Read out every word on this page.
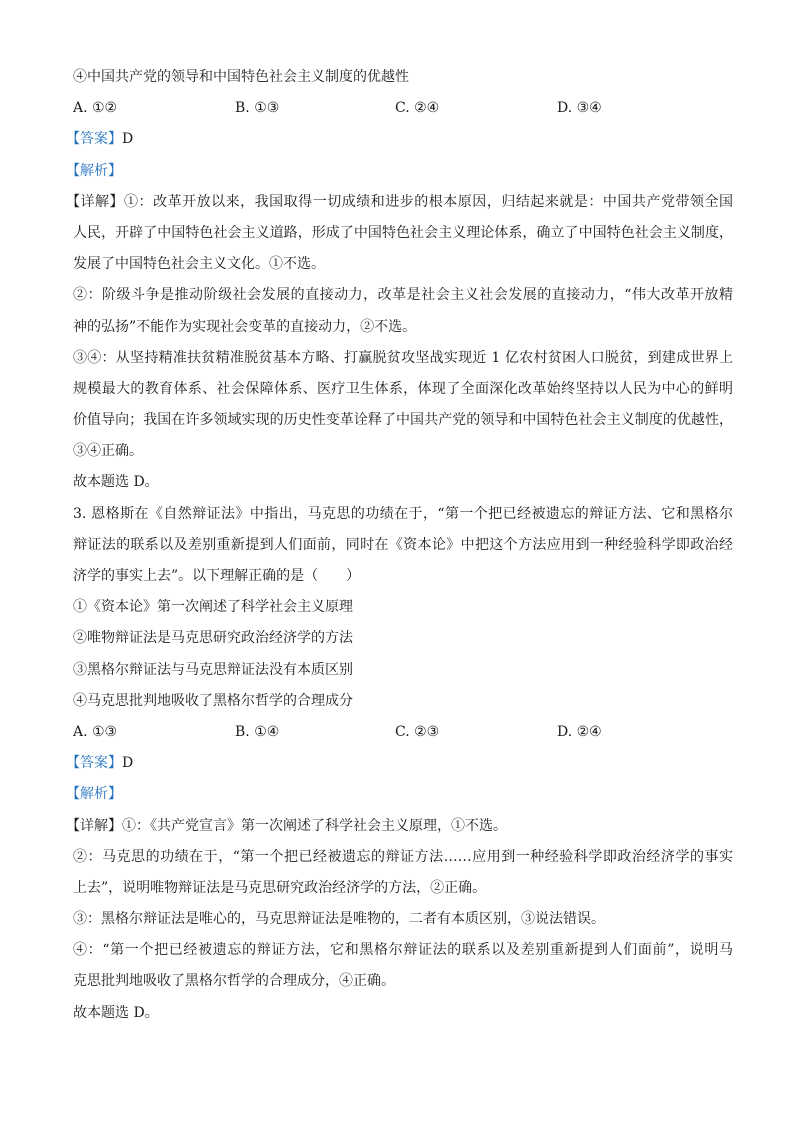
④中国共产党的领导和中国特色社会主义制度的优越性
A. ①②	B. ①③	C. ②④	D. ③④
【答案】D
【解析】
【详解】①：改革开放以来，我国取得一切成绩和进步的根本原因，归结起来就是：中国共产党带领全国
人民，开辟了中国特色社会主义道路，形成了中国特色社会主义理论体系，确立了中国特色社会主义制度，
发展了中国特色社会主义文化。①不选。
②：阶级斗争是推动阶级社会发展的直接动力，改革是社会主义社会发展的直接动力，“伟大改革开放精
神的弘扬”不能作为实现社会变革的直接动力，②不选。
③④：从坚持精准扶贫精准脱贫基本方略、打赢脱贫攻坚战实现近 1 亿农村贫困人口脱贫，到建成世界上
规模最大的教育体系、社会保障体系、医疗卫生体系，体现了全面深化改革始终坚持以人民为中心的鲜明
价值导向；我国在许多领域实现的历史性变革诠释了中国共产党的领导和中国特色社会主义制度的优越性，
③④正确。
故本题选 D。
3. 恩格斯在《自然辩证法》中指出，马克思的功绩在于，“第一个把已经被遗忘的辩证方法、它和黑格尔
辩证法的联系以及差别重新提到人们面前，同时在《资本论》中把这个方法应用到一种经验科学即政治经
济学的事实上去”。以下理解正确的是（　　）
①《资本论》第一次阐述了科学社会主义原理
②唯物辩证法是马克思研究政治经济学的方法
③黑格尔辩证法与马克思辩证法没有本质区别
④马克思批判地吸收了黑格尔哲学的合理成分
A. ①③	B. ①④	C. ②③	D. ②④
【答案】D
【解析】
【详解】①：《共产党宣言》第一次阐述了科学社会主义原理，①不选。
②：马克思的功绩在于，“第一个把已经被遗忘的辩证方法……应用到一种经验科学即政治经济学的事实
上去”，说明唯物辩证法是马克思研究政治经济学的方法，②正确。
③：黑格尔辩证法是唯心的，马克思辩证法是唯物的，二者有本质区别，③说法错误。
④：“第一个把已经被遗忘的辩证方法，它和黑格尔辩证法的联系以及差别重新提到人们面前”，说明马
克思批判地吸收了黑格尔哲学的合理成分，④正确。
故本题选 D。
